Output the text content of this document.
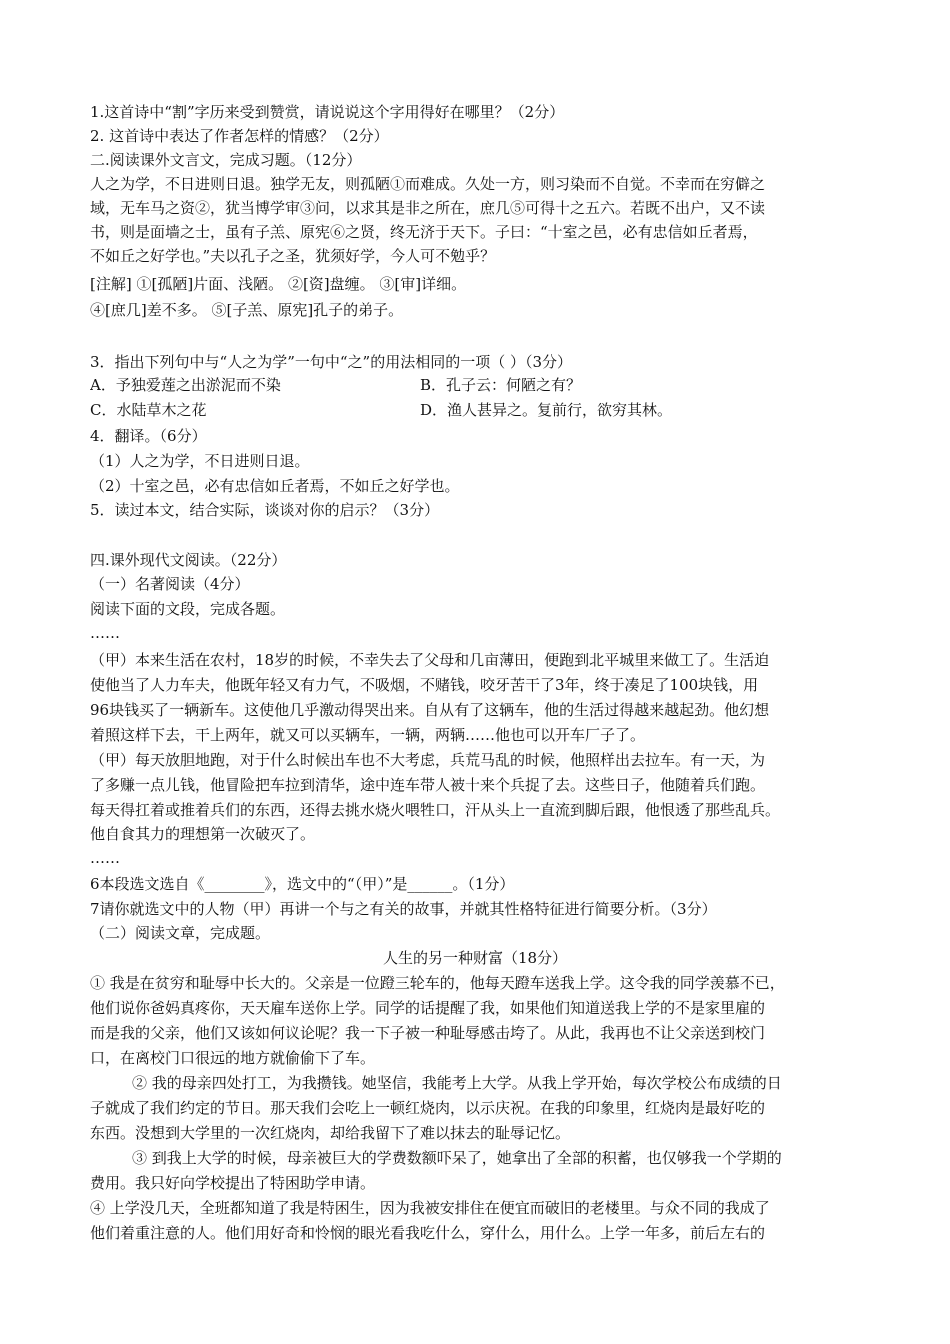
1.这首诗中“割”字历来受到赞赏，请说说这个字用得好在哪里？（2分）
2. 这首诗中表达了作者怎样的情感？（2分）
二.阅读课外文言文，完成习题。（12分）
人之为学，不日进则日退。独学无友，则孤陋①而难成。久处一方，则习染而不自觉。不幸而在穷僻之
域，无车马之资②，犹当博学审③问，以求其是非之所在，庶几⑤可得十之五六。若既不出户，又不读
书，则是面墙之士，虽有子羔、原宪⑥之贤，终无济于天下。子曰：“十室之邑，必有忠信如丘者焉，
不如丘之好学也。”夫以孔子之圣，犹须好学，今人可不勉乎？
[注解] ①[孤陋]片面、浅陋。 ②[资]盘缠。 ③[审]详细。
④[庶几]差不多。 ⑤[子羔、原宪]孔子的弟子。
3．指出下列句中与“人之为学”一句中“之”的用法相同的一项（ ）（3分）
A．予独爱莲之出淤泥而不染	B．孔子云：何陋之有？
C．水陆草木之花	D．渔人甚异之。复前行，欲穷其林。
4．翻译。（6分）
（1）人之为学，不日进则日退。
（2）十室之邑，必有忠信如丘者焉，不如丘之好学也。
5．读过本文，结合实际，谈谈对你的启示？（3分）
四.课外现代文阅读。（22分）
（一）名著阅读（4分）
阅读下面的文段，完成各题。
……
（甲）本来生活在农村，18岁的时候，不幸失去了父母和几亩薄田，便跑到北平城里来做工了。生活迫
使他当了人力车夫，他既年轻又有力气，不吸烟，不赌钱，咬牙苦干了3年，终于凑足了100块钱，用
96块钱买了一辆新车。这使他几乎激动得哭出来。自从有了这辆车，他的生活过得越来越起劲。他幻想
着照这样下去，干上两年，就又可以买辆车，一辆，两辆……他也可以开车厂子了。
（甲）每天放胆地跑，对于什么时候出车也不大考虑，兵荒马乱的时候，他照样出去拉车。有一天，为
了多赚一点儿钱，他冒险把车拉到清华，途中连车带人被十来个兵捉了去。这些日子，他随着兵们跑。
每天得扛着或推着兵们的东西，还得去挑水烧火喂牲口，汗从头上一直流到脚后跟，他恨透了那些乱兵。
他自食其力的理想第一次破灭了。
……
6本段选文选自《________》，选文中的“（甲）”是______。（1分）
7请你就选文中的人物（甲）再讲一个与之有关的故事，并就其性格特征进行简要分析。（3分）
（二）阅读文章，完成题。
人生的另一种财富（18分）
① 我是在贫穷和耻辱中长大的。父亲是一位蹬三轮车的，他每天蹬车送我上学。这令我的同学羡慕不已，
他们说你爸妈真疼你，天天雇车送你上学。同学的话提醒了我，如果他们知道送我上学的不是家里雇的
而是我的父亲，他们又该如何议论呢？我一下子被一种耻辱感击垮了。从此，我再也不让父亲送到校门
口，在离校门口很远的地方就偷偷下了车。
② 我的母亲四处打工，为我攒钱。她坚信，我能考上大学。从我上学开始，每次学校公布成绩的日
子就成了我们约定的节日。那天我们会吃上一顿红烧肉，以示庆祝。在我的印象里，红烧肉是最好吃的
东西。没想到大学里的一次红烧肉，却给我留下了难以抹去的耻辱记忆。
③ 到我上大学的时候，母亲被巨大的学费数额吓呆了，她拿出了全部的积蓄，也仅够我一个学期的
费用。我只好向学校提出了特困助学申请。
④ 上学没几天，全班都知道了我是特困生，因为我被安排住在便宜而破旧的老楼里。与众不同的我成了
他们着重注意的人。他们用好奇和怜悯的眼光看我吃什么，穿什么，用什么。上学一年多，前后左右的
